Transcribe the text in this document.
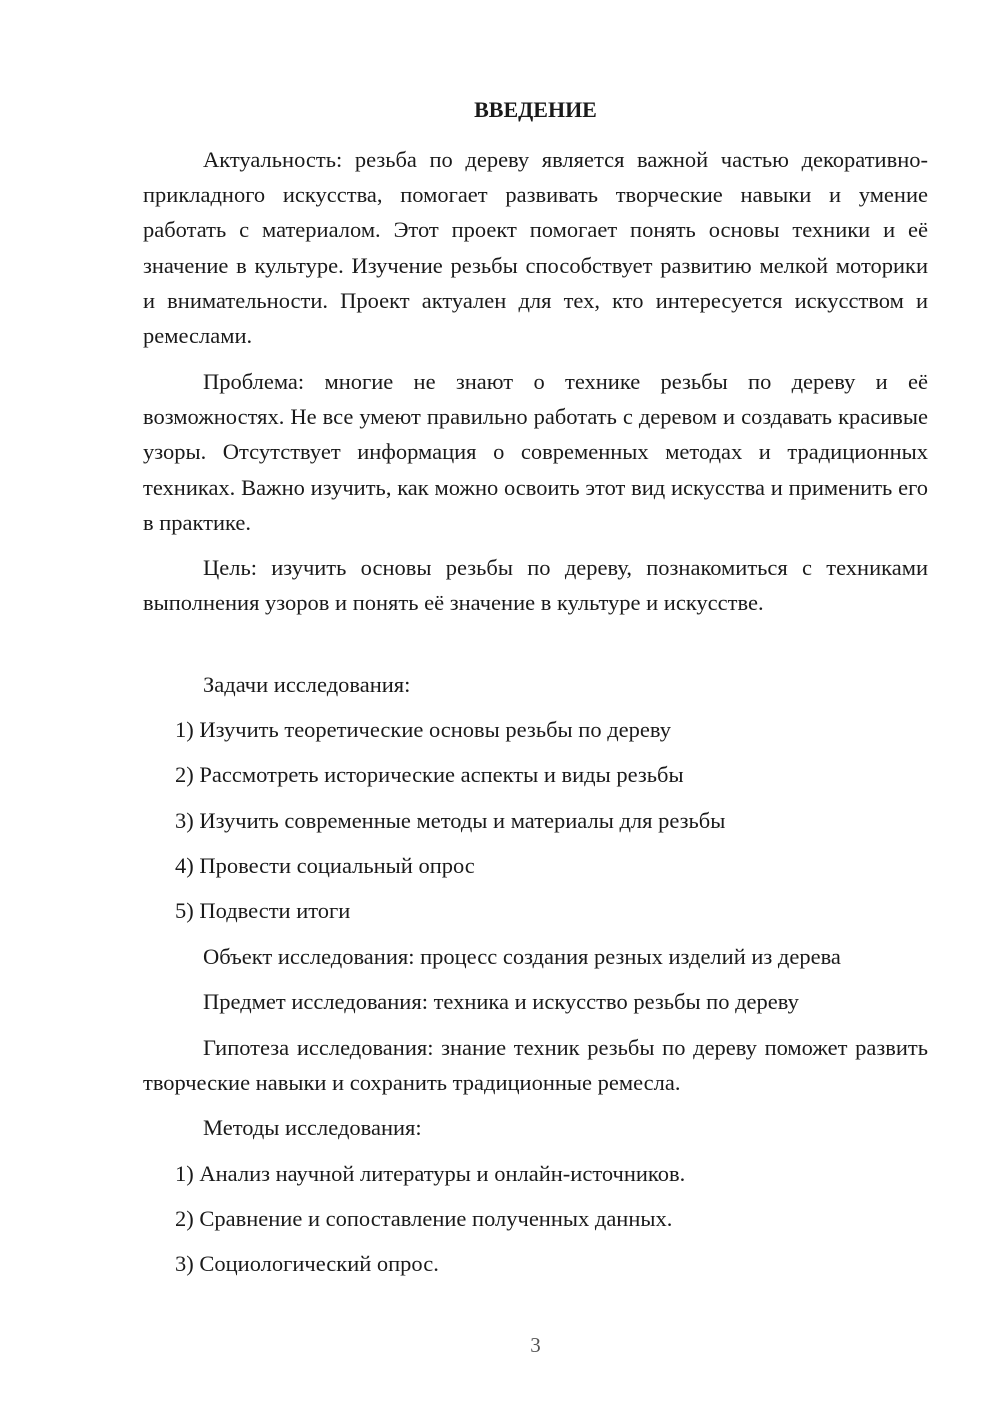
ВВЕДЕНИЕ

Актуальность: резьба по дереву является важной частью декоративно-прикладного искусства, помогает развивать творческие навыки и умение работать с материалом. Этот проект помогает понять основы техники и её значение в культуре. Изучение резьбы способствует развитию мелкой моторики и внимательности. Проект актуален для тех, кто интересуется искусством и ремеслами.

Проблема: многие не знают о технике резьбы по дереву и её возможностях. Не все умеют правильно работать с деревом и создавать красивые узоры. Отсутствует информация о современных методах и традиционных техниках. Важно изучить, как можно освоить этот вид искусства и применить его в практике.

Цель: изучить основы резьбы по дереву, познакомиться с техниками выполнения узоров и понять её значение в культуре и искусстве.

Задачи исследования:

1) Изучить теоретические основы резьбы по дереву

2) Рассмотреть исторические аспекты и виды резьбы

3) Изучить современные методы и материалы для резьбы

4) Провести социальный опрос

5) Подвести итоги

Объект исследования: процесс создания резных изделий из дерева

Предмет исследования: техника и искусство резьбы по дереву

Гипотеза исследования: знание техник резьбы по дереву поможет развить творческие навыки и сохранить традиционные ремесла.

Методы исследования:

1) Анализ научной литературы и онлайн-источников.

2) Сравнение и сопоставление полученных данных.

3) Социологический опрос.

3
